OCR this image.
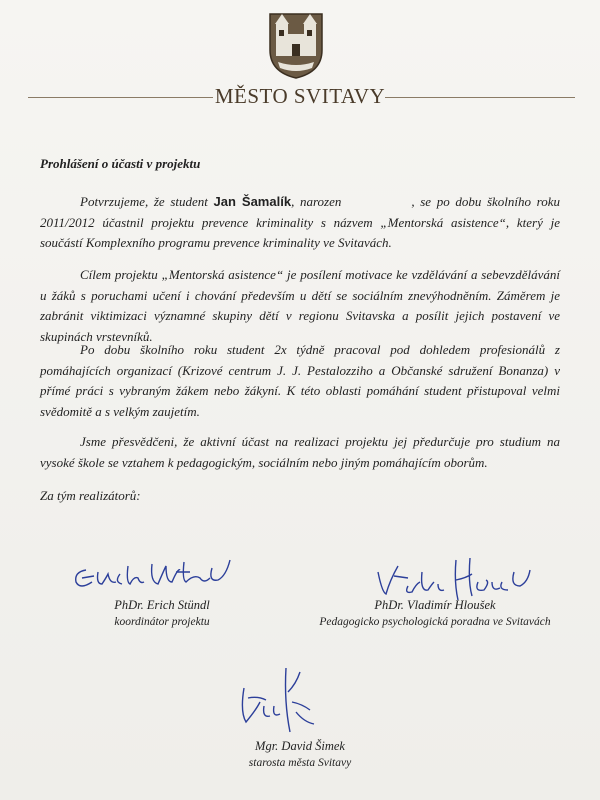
MĚSTO SVITAVY
Prohlášení o účasti v projektu

Potvrzujeme, že student Jan Šamalík, narozen	, se po dobu školního roku 2011/2012 účastnil projektu prevence kriminality s názvem „Mentorská asistence“, který je součástí Komplexního programu prevence kriminality ve Svitavách.

Cílem projektu „Mentorská asistence“ je posílení motivace ke vzdělávání a sebevzdělávání u žáků s poruchami učení i chování především u dětí se sociálním znevýhodněním. Záměrem je zabránit viktimizaci významné skupiny dětí v regionu Svitavska a posílit jejich postavení ve skupinách vrstevníků.

Po dobu školního roku student 2x týdně pracoval pod dohledem profesionálů z pomáhajících organizací (Krizové centrum J. J. Pestalozziho a Občanské sdružení Bonanza) v přímé práci s vybraným žákem nebo žákyní. K této oblasti pomáhání student přistupoval velmi svědomitě a s velkým zaujetím.

Jsme přesvědčeni, že aktivní účast na realizaci projektu jej předurčuje pro studium na vysoké škole se vztahem k pedagogickým, sociálním nebo jiným pomáhajícím oborům.

Za tým realizátorů:
PhDr. Erich Stündl
koordinátor projektu
PhDr. Vladimír Hloušek
Pedagogicko psychologická poradna ve Svitavách
Mgr. David Šimek
starosta města Svitavy
